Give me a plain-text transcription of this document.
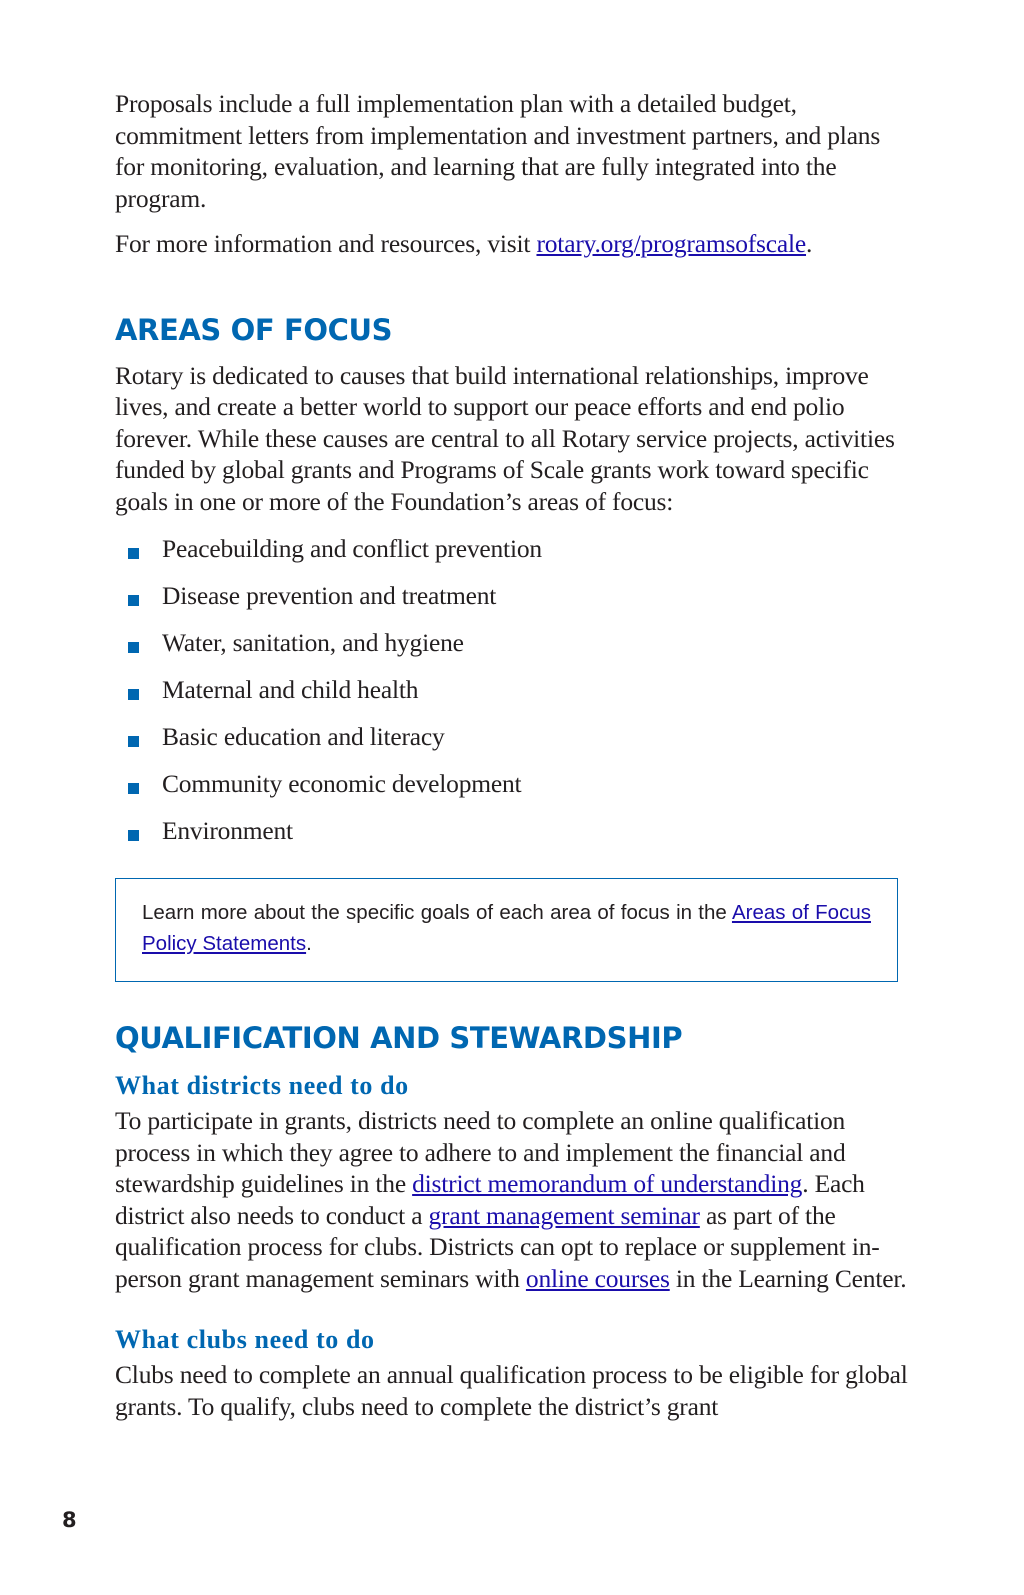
Proposals include a full implementation plan with a detailed budget, commitment letters from implementation and investment partners, and plans for monitoring, evaluation, and learning that are fully integrated into the program.

For more information and resources, visit rotary.org/programsofscale.

AREAS OF FOCUS

Rotary is dedicated to causes that build international relationships, improve lives, and create a better world to support our peace efforts and end polio forever. While these causes are central to all Rotary service projects, activities funded by global grants and Programs of Scale grants work toward specific goals in one or more of the Foundation’s areas of focus:

Peacebuilding and conflict prevention
Disease prevention and treatment
Water, sanitation, and hygiene
Maternal and child health
Basic education and literacy
Community economic development
Environment
Learn more about the specific goals of each area of focus in the Areas of Focus Policy Statements.
QUALIFICATION AND STEWARDSHIP
What districts need to do

To participate in grants, districts need to complete an online qualification process in which they agree to adhere to and implement the financial and stewardship guidelines in the district memorandum of understanding. Each district also needs to conduct a grant management seminar as part of the qualification process for clubs. Districts can opt to replace or supplement in-person grant management seminars with online courses in the Learning Center.

What clubs need to do

Clubs need to complete an annual qualification process to be eligible for global grants. To qualify, clubs need to complete the district’s grant

8
